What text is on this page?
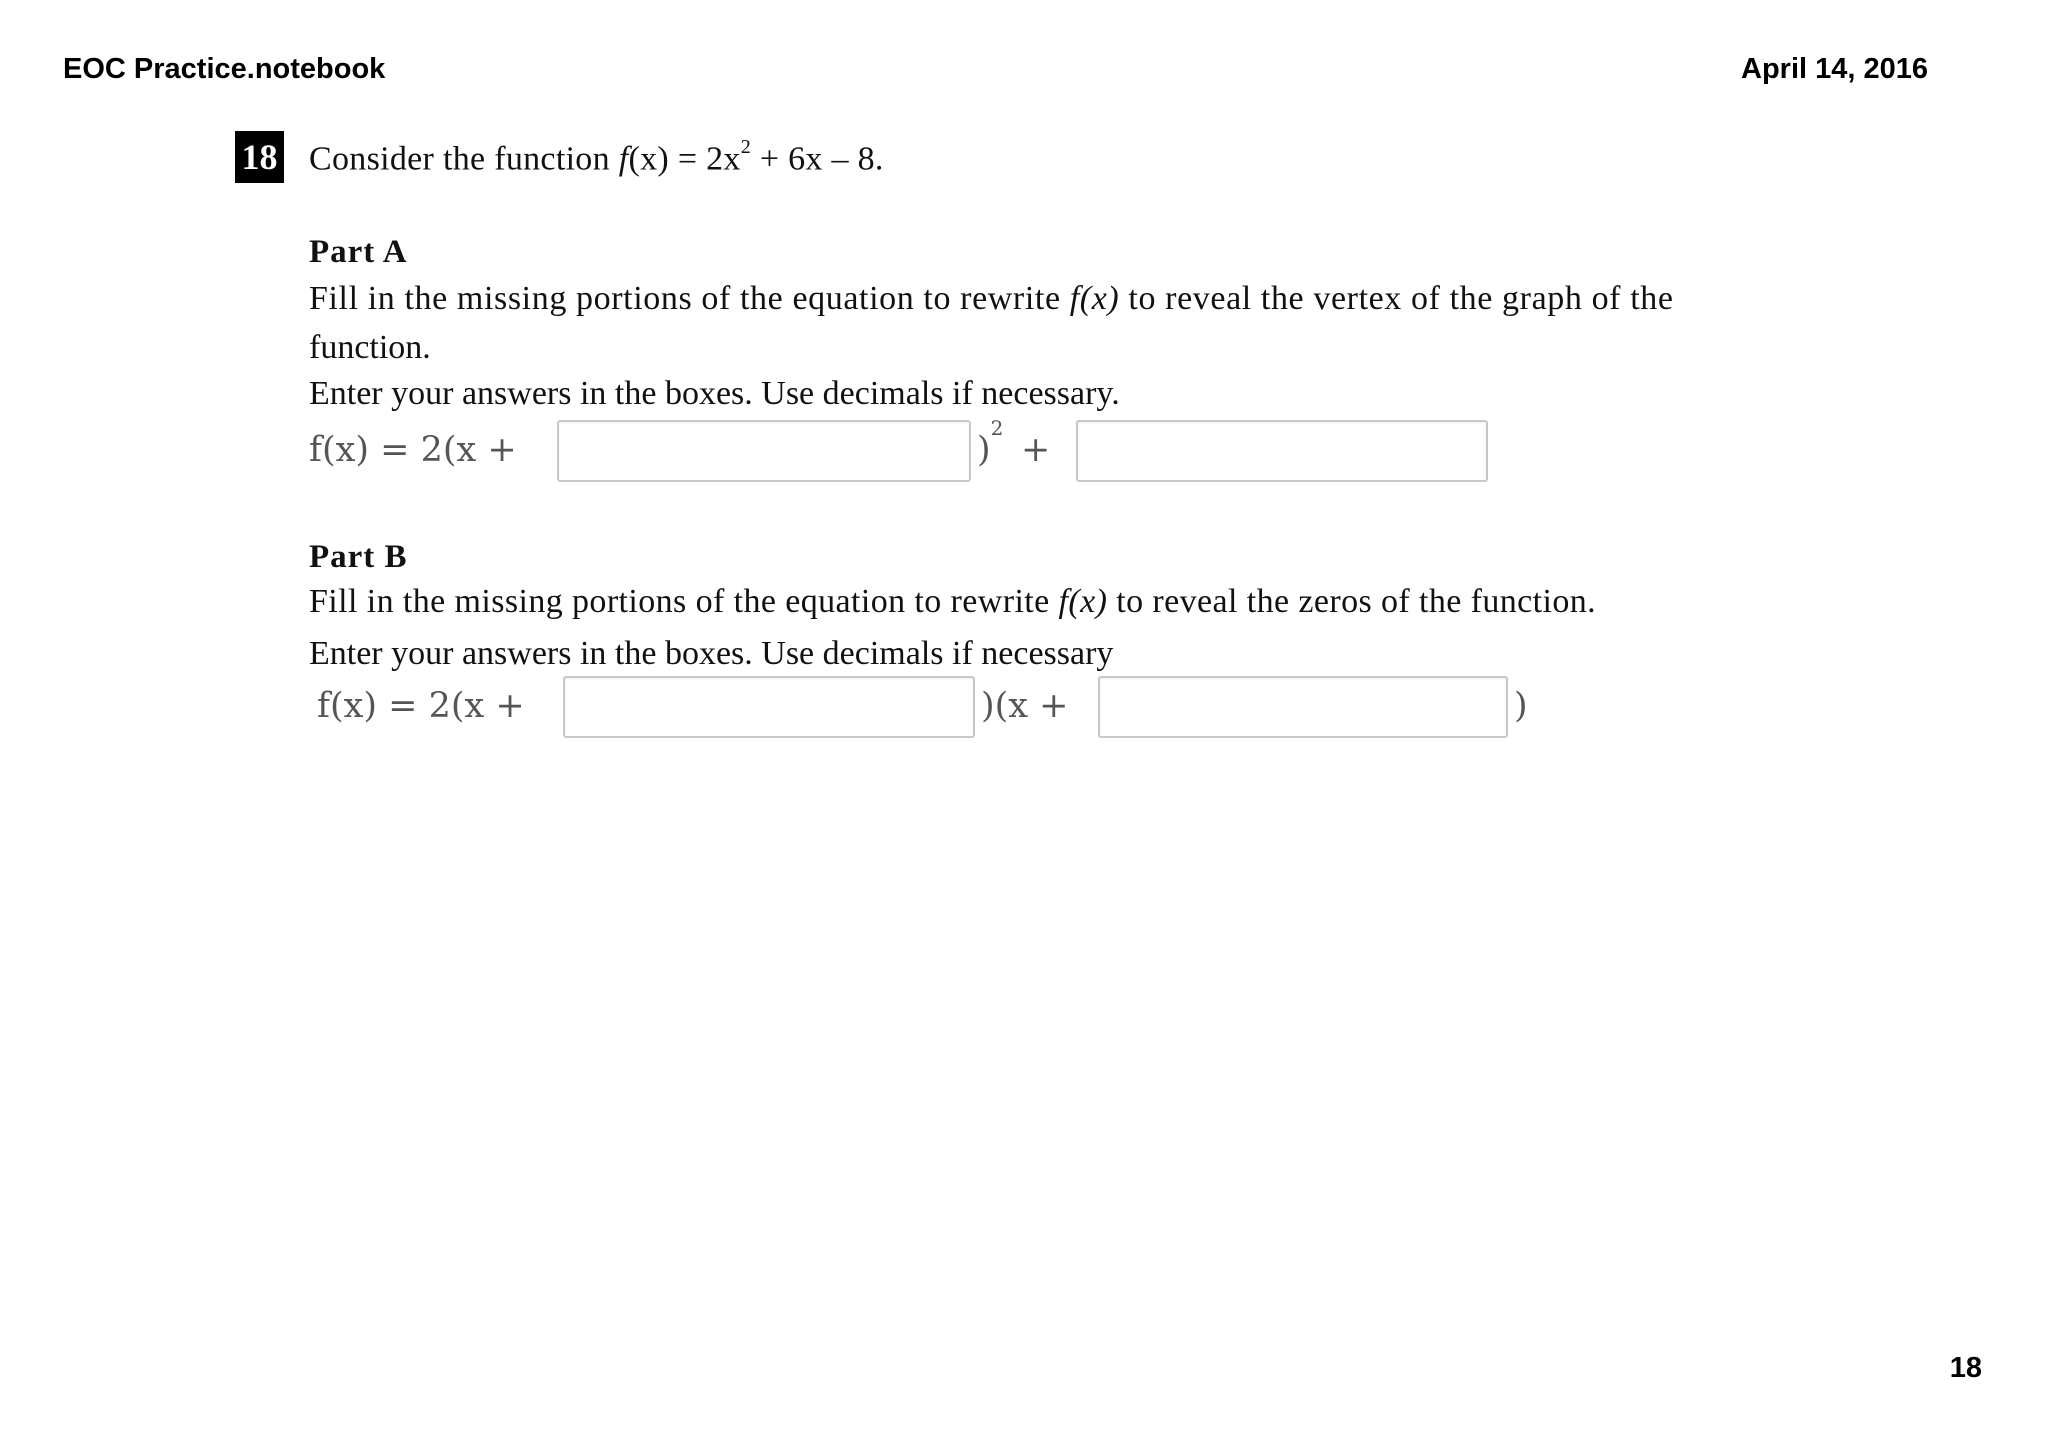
EOC Practice.notebook	April 14, 2016
18 Consider the function $f(x) = 2x^2 + 6x - 8$.
Part A
Fill in the missing portions of the equation to rewrite f(x) to reveal the vertex of the graph of the
function.
Enter your answers in the boxes. Use decimals if necessary.
f(x) = 2(x +	)
2
+
Part B
Fill in the missing portions of the equation to rewrite f(x) to reveal the zeros of the function.
Enter your answers in the boxes. Use decimals if necessary
f(x) = 2(x +	)(x +	)
18
